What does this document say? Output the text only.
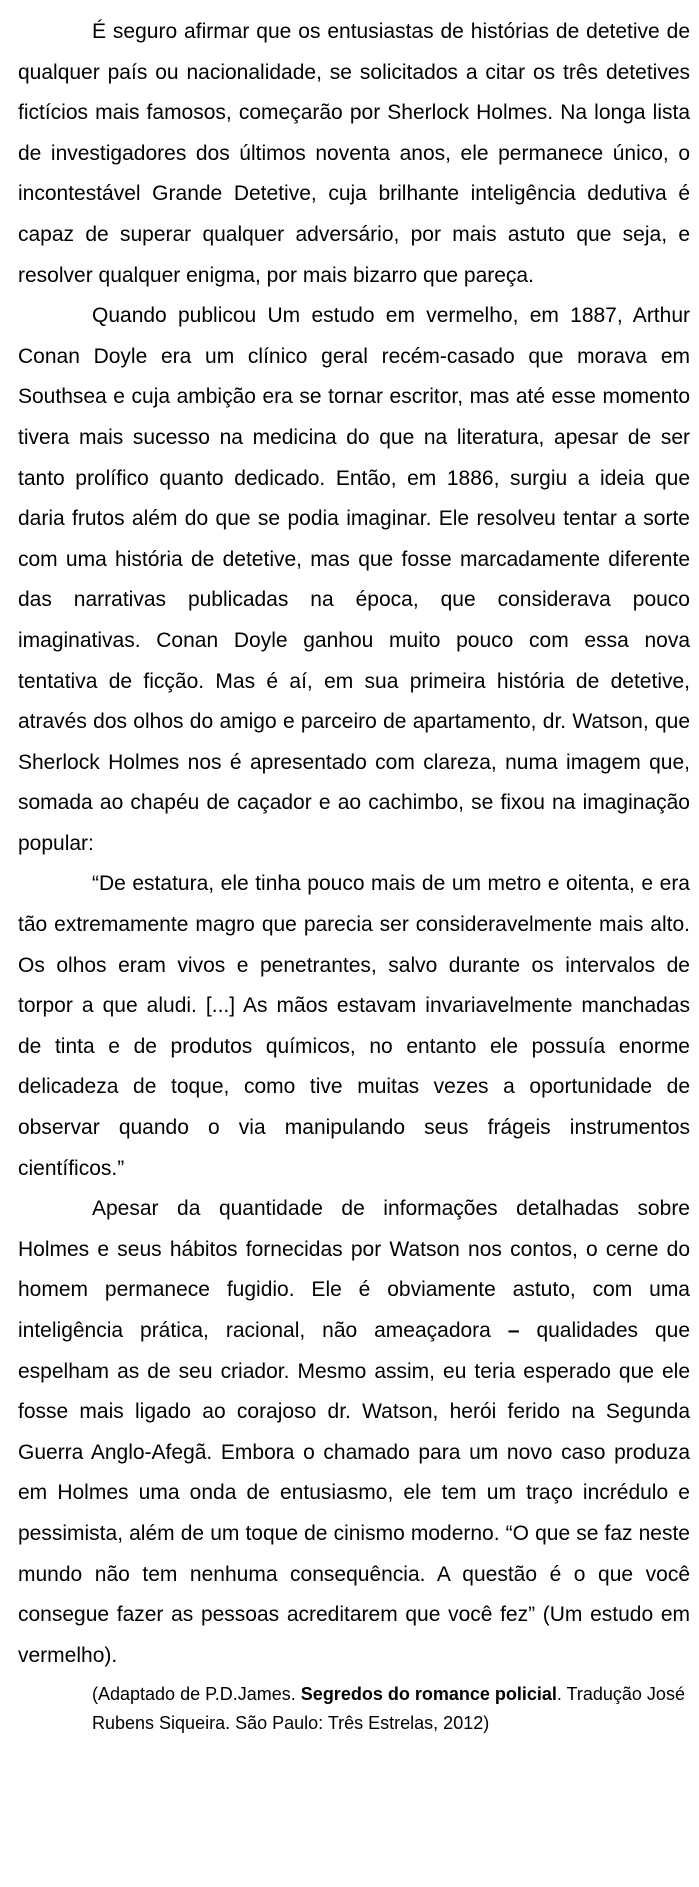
É seguro afirmar que os entusiastas de histórias de detetive de qualquer país ou nacionalidade, se solicitados a citar os três detetives fictícios mais famosos, começarão por Sherlock Holmes. Na longa lista de investigadores dos últimos noventa anos, ele permanece único, o incontestável Grande Detetive, cuja brilhante inteligência dedutiva é capaz de superar qualquer adversário, por mais astuto que seja, e resolver qualquer enigma, por mais bizarro que pareça.

Quando publicou Um estudo em vermelho, em 1887, Arthur Conan Doyle era um clínico geral recém-casado que morava em Southsea e cuja ambição era se tornar escritor, mas até esse momento tivera mais sucesso na medicina do que na literatura, apesar de ser tanto prolífico quanto dedicado. Então, em 1886, surgiu a ideia que daria frutos além do que se podia imaginar. Ele resolveu tentar a sorte com uma história de detetive, mas que fosse marcadamente diferente das narrativas publicadas na época, que considerava pouco imaginativas. Conan Doyle ganhou muito pouco com essa nova tentativa de ficção. Mas é aí, em sua primeira história de detetive, através dos olhos do amigo e parceiro de apartamento, dr. Watson, que Sherlock Holmes nos é apresentado com clareza, numa imagem que, somada ao chapéu de caçador e ao cachimbo, se fixou na imaginação popular:

“De estatura, ele tinha pouco mais de um metro e oitenta, e era tão extremamente magro que parecia ser consideravelmente mais alto. Os olhos eram vivos e penetrantes, salvo durante os intervalos de torpor a que aludi. [...] As mãos estavam invariavelmente manchadas de tinta e de produtos químicos, no entanto ele possuía enorme delicadeza de toque, como tive muitas vezes a oportunidade de observar quando o via manipulando seus frágeis instrumentos científicos.”

Apesar da quantidade de informações detalhadas sobre Holmes e seus hábitos fornecidas por Watson nos contos, o cerne do homem permanece fugidio. Ele é obviamente astuto, com uma inteligência prática, racional, não ameaçadora – qualidades que espelham as de seu criador. Mesmo assim, eu teria esperado que ele fosse mais ligado ao corajoso dr. Watson, herói ferido na Segunda Guerra Anglo-Afegã. Embora o chamado para um novo caso produza em Holmes uma onda de entusiasmo, ele tem um traço incrédulo e pessimista, além de um toque de cinismo moderno. “O que se faz neste mundo não tem nenhuma consequência. A questão é o que você consegue fazer as pessoas acreditarem que você fez” (Um estudo em vermelho).

(Adaptado de P.D.James. Segredos do romance policial. Tradução José Rubens Siqueira. São Paulo: Três Estrelas, 2012)
